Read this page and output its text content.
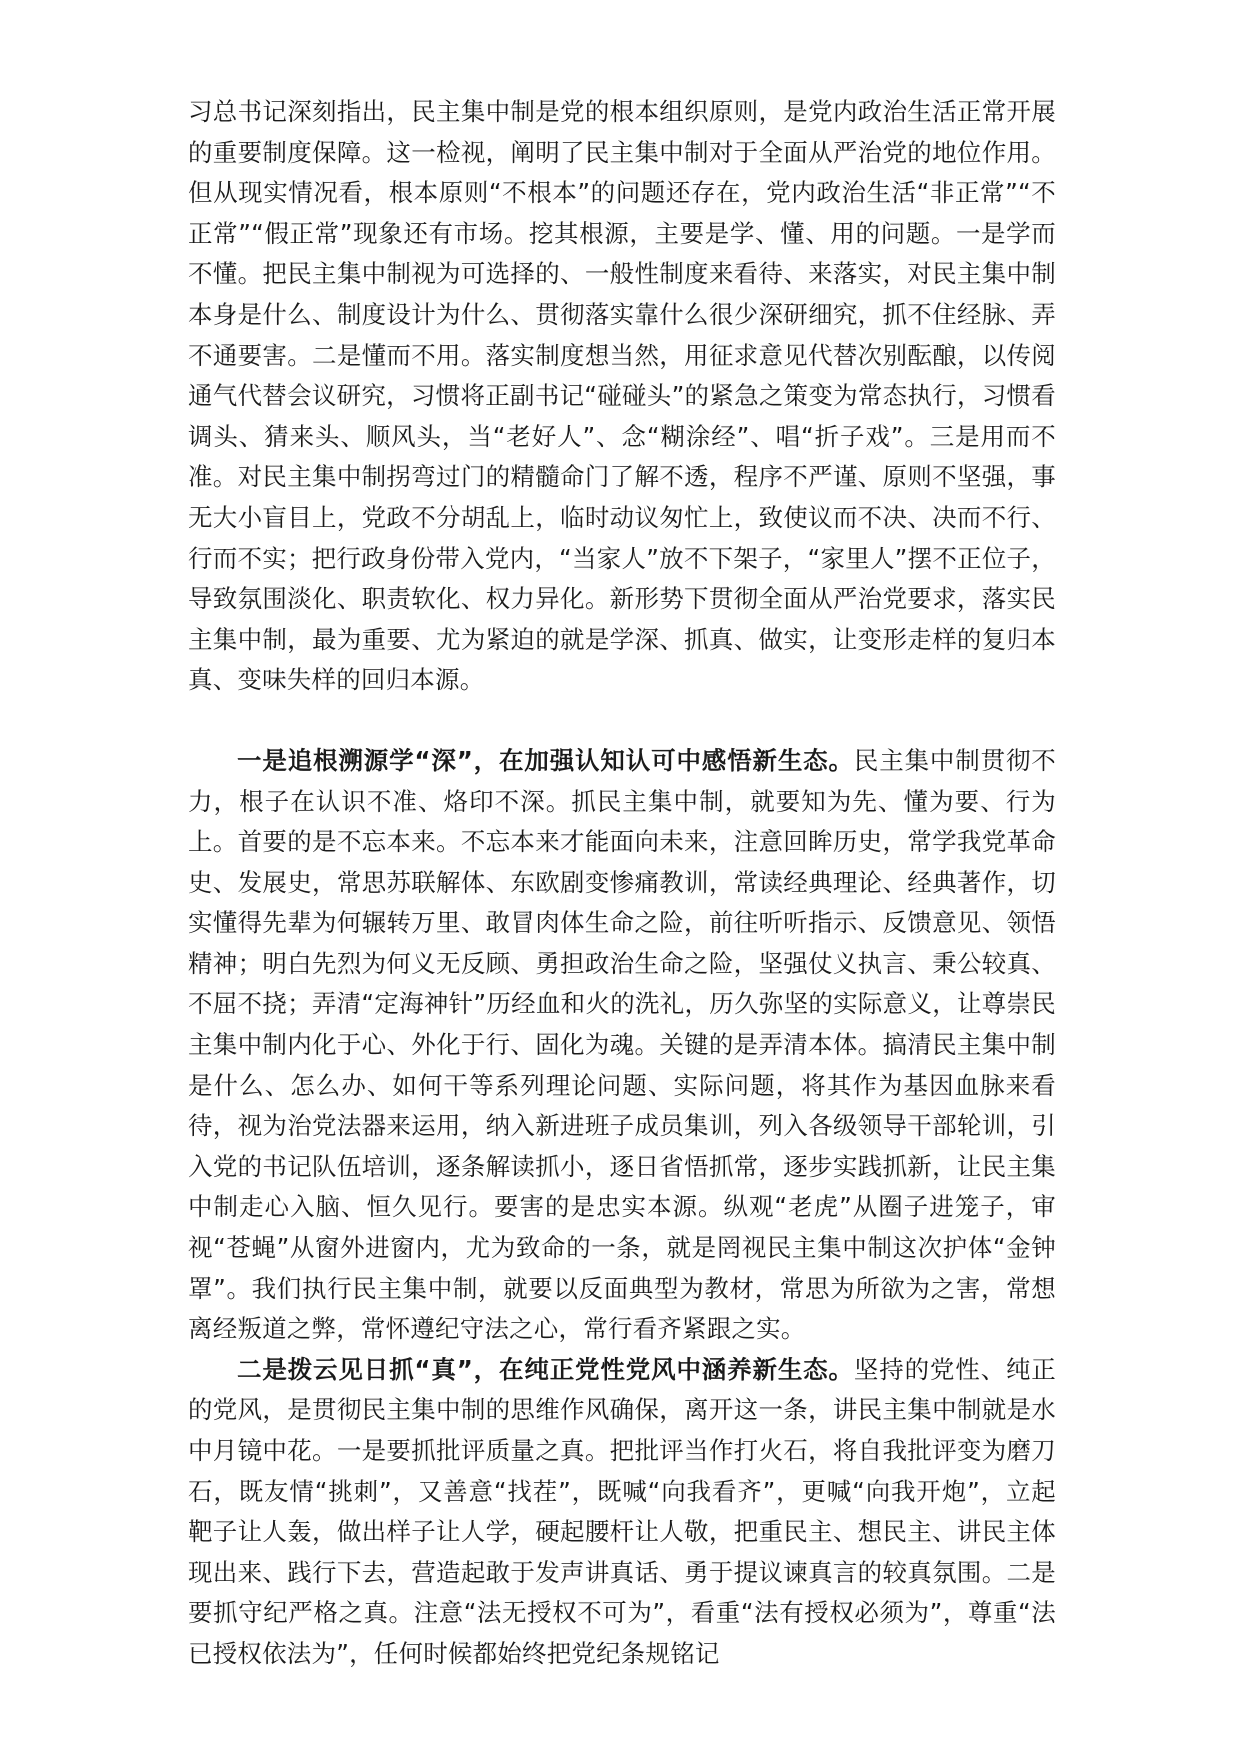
习总书记深刻指出，民主集中制是党的根本组织原则，是党内政治生活正常开展的重要制度保障。这一检视，阐明了民主集中制对于全面从严治党的地位作用。但从现实情况看，根本原则“不根本”的问题还存在，党内政治生活“非正常”“不正常”“假正常”现象还有市场。挖其根源，主要是学、懂、用的问题。一是学而不懂。把民主集中制视为可选择的、一般性制度来看待、来落实，对民主集中制本身是什么、制度设计为什么、贯彻落实靠什么很少深研细究，抓不住经脉、弄不通要害。二是懂而不用。落实制度想当然，用征求意见代替次别酝酿，以传阅通气代替会议研究，习惯将正副书记“碰碰头”的紧急之策变为常态执行，习惯看调头、猜来头、顺风头，当“老好人”、念“糊涂经”、唱“折子戏”。三是用而不准。对民主集中制拐弯过门的精髓命门了解不透，程序不严谨、原则不坚强，事无大小盲目上，党政不分胡乱上，临时动议匆忙上，致使议而不决、决而不行、行而不实；把行政身份带入党内，“当家人”放不下架子，“家里人”摆不正位子，导致氛围淡化、职责软化、权力异化。新形势下贯彻全面从严治党要求，落实民主集中制，最为重要、尤为紧迫的就是学深、抓真、做实，让变形走样的复归本真、变味失样的回归本源。

一是追根溯源学“深”，在加强认知认可中感悟新生态。民主集中制贯彻不力，根子在认识不准、烙印不深。抓民主集中制，就要知为先、懂为要、行为上。首要的是不忘本来。不忘本来才能面向未来，注意回眸历史，常学我党革命史、发展史，常思苏联解体、东欧剧变惨痛教训，常读经典理论、经典著作，切实懂得先辈为何辗转万里、敢冒肉体生命之险，前往听听指示、反馈意见、领悟精神；明白先烈为何义无反顾、勇担政治生命之险，坚强仗义执言、秉公较真、不屈不挠；弄清“定海神针”历经血和火的洗礼，历久弥坚的实际意义，让尊崇民主集中制内化于心、外化于行、固化为魂。关键的是弄清本体。搞清民主集中制是什么、怎么办、如何干等系列理论问题、实际问题，将其作为基因血脉来看待，视为治党法器来运用，纳入新进班子成员集训，列入各级领导干部轮训，引入党的书记队伍培训，逐条解读抓小，逐日省悟抓常，逐步实践抓新，让民主集中制走心入脑、恒久见行。要害的是忠实本源。纵观“老虎”从圈子进笼子，审视“苍蝇”从窗外进窗内，尤为致命的一条，就是罔视民主集中制这次护体“金钟罩”。我们执行民主集中制，就要以反面典型为教材，常思为所欲为之害，常想离经叛道之弊，常怀遵纪守法之心，常行看齐紧跟之实。

二是拨云见日抓“真”，在纯正党性党风中涵养新生态。坚持的党性、纯正的党风，是贯彻民主集中制的思维作风确保，离开这一条，讲民主集中制就是水中月镜中花。一是要抓批评质量之真。把批评当作打火石，将自我批评变为磨刀石，既友情“挑刺”，又善意“找茬”，既喊“向我看齐”，更喊“向我开炮”，立起靶子让人轰，做出样子让人学，硬起腰杆让人敬，把重民主、想民主、讲民主体现出来、践行下去，营造起敢于发声讲真话、勇于提议谏真言的较真氛围。二是要抓守纪严格之真。注意“法无授权不可为”，看重“法有授权必须为”，尊重“法已授权依法为”，任何时候都始终把党纪条规铭记
